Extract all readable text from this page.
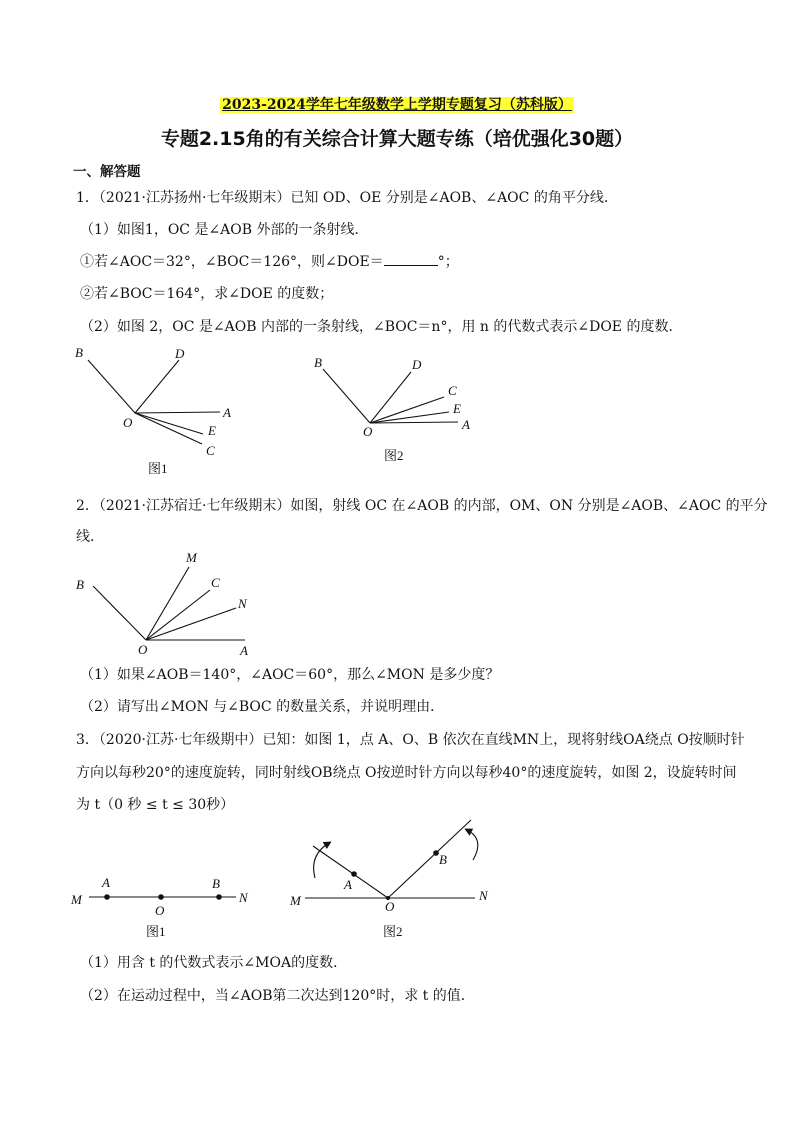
2023-2024学年七年级数学上学期专题复习（苏科版）
专题2.15角的有关综合计算大题专练（培优强化30题）
一、解答题
1．（2021·江苏扬州·七年级期末）已知 OD、OE 分别是∠AOB、∠AOC 的角平分线．
（1）如图1，OC 是∠AOB 外部的一条射线．
①若∠AOC＝32°，∠BOC＝126°，则∠DOE＝	°；
②若∠BOC＝164°，求∠DOE 的度数；
（2）如图 2，OC 是∠AOB 内部的一条射线，∠BOC＝n°，用 n 的代数式表示∠DOE 的度数．
B	D
O
A
E
C
图1
B	D
C
E
O	A
图2
2．（2021·江苏宿迁·七年级期末）如图，射线 OC 在∠AOB 的内部，OM、ON 分别是∠AOB、∠AOC 的平分
线．
M
C
B
N
O	A
（1）如果∠AOB＝140°，∠AOC＝60°，那么∠MON 是多少度？
（2）请写出∠MON 与∠BOC 的数量关系，并说明理由．
3．（2020·江苏·七年级期中）已知：如图 1，点 A、O、B 依次在直线MN上，现将射线OA绕点 O按顺时针
方向以每秒20°的速度旋转，同时射线OB绕点 O按逆时针方向以每秒40°的速度旋转，如图 2，设旋转时间
为 t（0 秒 ≤ t ≤ 30秒）
A	B
M	N
O
图1
B
A
M	O
N
图2
（1）用含 t 的代数式表示∠MOA的度数．
（2）在运动过程中，当∠AOB第二次达到120°时，求 t 的值．
